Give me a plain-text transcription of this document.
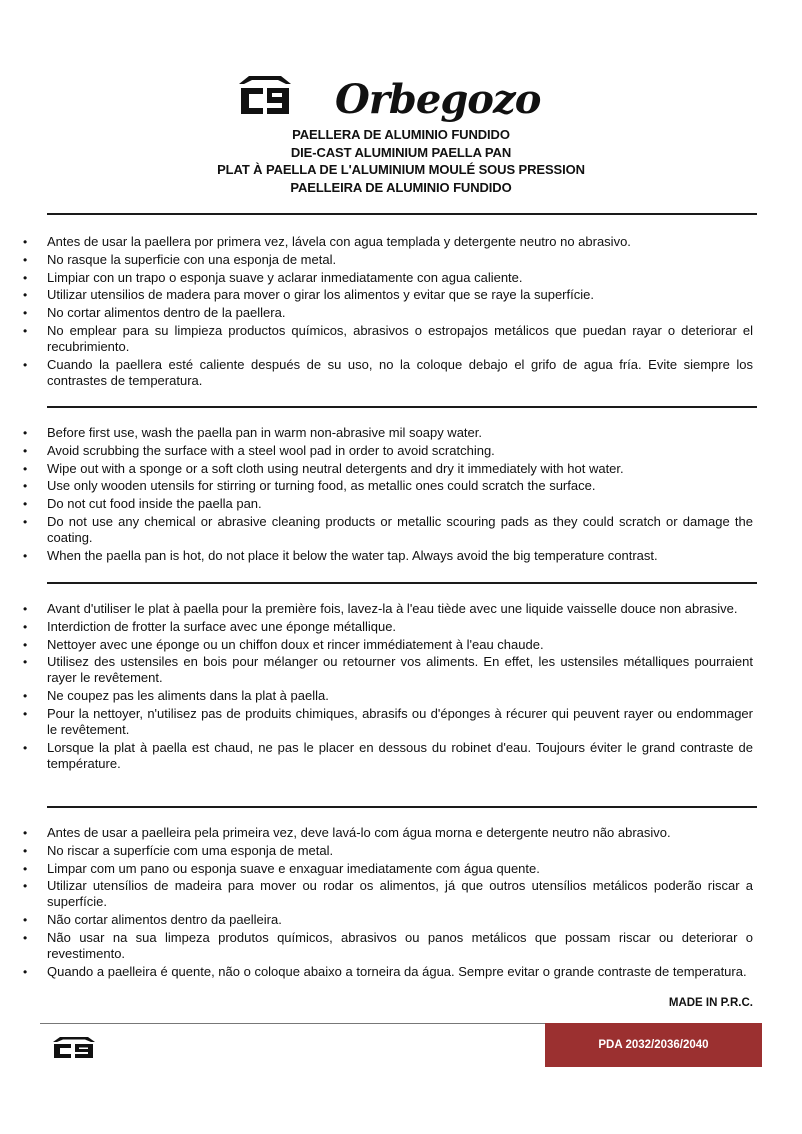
Orbegozo
PAELLERA DE ALUMINIO FUNDIDO
DIE-CAST ALUMINIUM PAELLA PAN
PLAT À PAELLA DE L'ALUMINIUM MOULÉ SOUS PRESSION
PAELLEIRA DE ALUMINIO FUNDIDO
• Antes de usar la paellera por primera vez, lávela con agua templada y detergente neutro no abrasivo.
• No rasque la superficie con una esponja de metal.
• Limpiar con un trapo o esponja suave y aclarar inmediatamente con agua caliente.
• Utilizar utensilios de madera para mover o girar los alimentos y evitar que se raye la superfície.
• No cortar alimentos dentro de la paellera.
• No emplear para su limpieza productos químicos, abrasivos o estropajos metálicos que puedan rayar o deteriorar el recubrimiento.
• Cuando la paellera esté caliente después de su uso, no la coloque debajo el grifo de agua fría. Evite siempre los contrastes de temperatura.
• Before first use, wash the paella pan in warm non-abrasive mil soapy water.
• Avoid scrubbing the surface with a steel wool pad in order to avoid scratching.
• Wipe out with a sponge or a soft cloth using neutral detergents and dry it immediately with hot water.
• Use only wooden utensils for stirring or turning food, as metallic ones could scratch the surface.
• Do not cut food inside the paella pan.
• Do not use any chemical or abrasive cleaning products or metallic scouring pads as they could scratch or damage the coating.
• When the paella pan is hot, do not place it below the water tap. Always avoid the big temperature contrast.
• Avant d'utiliser le plat à paella pour la première fois, lavez-la à l'eau tiède avec une liquide vaisselle douce non abrasive.
• Interdiction de frotter la surface avec une éponge métallique.
• Nettoyer avec une éponge ou un chiffon doux et rincer immédiatement à l'eau chaude.
• Utilisez des ustensiles en bois pour mélanger ou retourner vos aliments. En effet, les ustensiles métalliques pourraient rayer le revêtement.
• Ne coupez pas les aliments dans la plat à paella.
• Pour la nettoyer, n'utilisez pas de produits chimiques, abrasifs ou d'éponges à récurer qui peuvent rayer ou endommager le revêtement.
• Lorsque la plat à paella est chaud, ne pas le placer en dessous du robinet d'eau. Toujours éviter le grand contraste de température.
• Antes de usar a paelleira pela primeira vez, deve lavá-lo com água morna e detergente neutro não abrasivo.
• No riscar a superfície com uma esponja de metal.
• Limpar com um pano ou esponja suave e enxaguar imediatamente com água quente.
• Utilizar utensílios de madeira para mover ou rodar os alimentos, já que outros utensílios metálicos poderão riscar a superfície.
• Não cortar alimentos dentro da paelleira.
• Não usar na sua limpeza produtos químicos, abrasivos ou panos metálicos que possam riscar ou deteriorar o revestimento.
• Quando a paelleira é quente, não o coloque abaixo a torneira da água. Sempre evitar o grande contraste de temperatura.
MADE IN P.R.C.
PDA 2032/2036/2040
